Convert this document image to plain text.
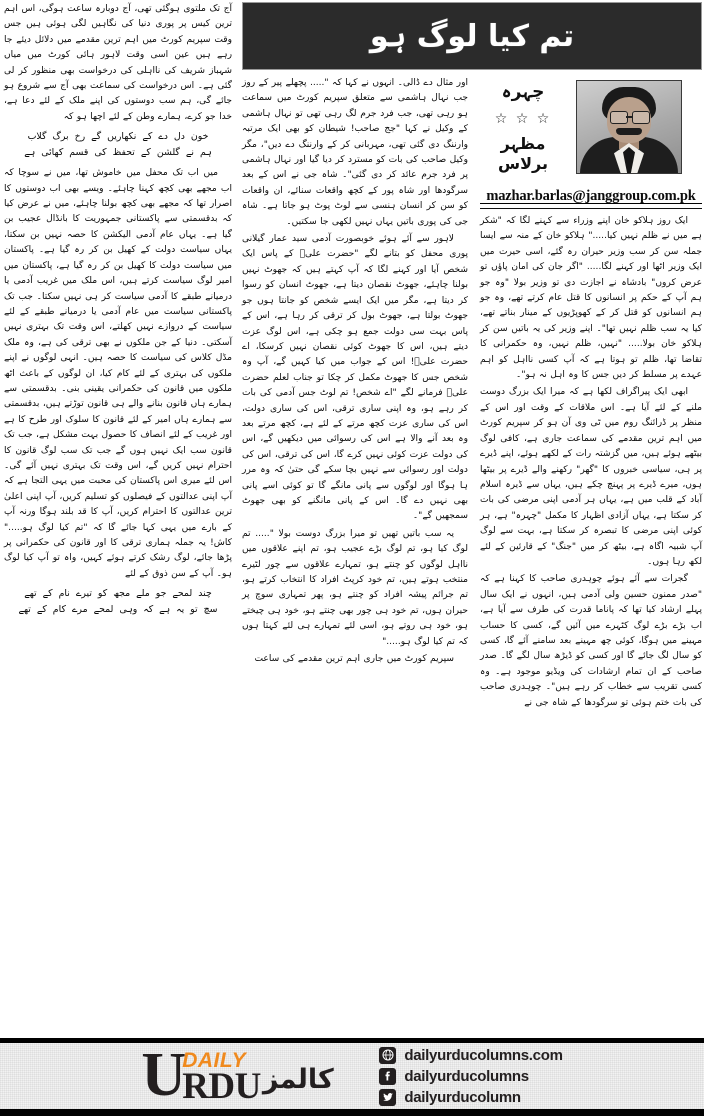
تم کیا لوگ ہو
چہرہ
☆ ☆ ☆
مظہر برلاس
mazhar.barlas@janggroup.com.pk

ایک روز ہلاکو خان اپنے وزراء سے کہنے لگا کہ "شکر ہے میں نے ظلم نہیں کیا....." ہلاکو خان کے منہ سے ایسا جملہ سن کر سب وزیر حیران رہ گئے، اسی حیرت میں ایک وزیر اٹھا اور کہنے لگا..... "اگر جان کی امان پاؤں تو عرض کروں" بادشاہ نے اجازت دی تو وزیر بولا "وہ جو ہم آپ کے حکم پر انسانوں کا قتل عام کرتے تھے، وہ جو ہم انسانوں کو قتل کر کے کھوپڑیوں کے مینار بناتے تھے، کیا یہ سب ظلم نہیں تھا"۔ اپنے وزیر کی یہ باتیں سن کر ہلاکو خان بولا..... "نہیں، ظلم نہیں، وہ حکمرانی کا تقاضا تھا، ظلم تو ہوتا ہے کہ آپ کسی نااہل کو اہم عہدے پر مسلط کر دیں جس کا وہ اہل نہ ہو"۔

ابھی ایک پیراگراف لکھا ہے کہ میرا ایک بزرگ دوست ملنے کے لئے آیا ہے۔ اس ملاقات کے وقت اور اس کے منظر پر ڈرائنگ روم میں ٹی وی آن ہو کر سپریم کورٹ میں اہم ترین مقدمے کی سماعت جاری ہے، کافی لوگ بیٹھے ہوئے ہیں، میں گزشتہ رات کے لکھے ہوئے، اپنے ڈیرے پر ہی، سیاسی خبروں کا "گھر" رکھنے والے ڈیرے پر بیٹھا ہوں، میرے ڈیرے پر پہنچ چکے ہیں، یہاں سے ڈیرہ اسلام آباد کے قلب میں ہے، یہاں ہر آدمی اپنی مرضی کی بات کر سکتا ہے، یہاں آزادی اظہار کا مکمل "چہرہ" ہے، ہر کوئی اپنی مرضی کا تبصرہ کر سکتا ہے، بہت سے لوگ آپ شبیہ اگاہ ہے، بیٹھ کر میں "جنگ" کے قارئین کے لئے لکھ رہا ہوں۔

گجرات سے آئے ہوئے چوہدری صاحب کا کہنا ہے کہ "صدر ممنون حسین ولی آدمی ہیں، انہوں نے ایک سال پہلے ارشاد کیا تھا کہ پاناما قدرت کی طرف سے آیا ہے، اب بڑے بڑے لوگ کٹہرے میں آئیں گے، کسی کا حساب مہینے میں ہوگا، کوئی چھ مہینے بعد سامنے آئے گا، کسی کو سال لگ جائے گا اور کسی کو ڈیڑھ سال لگے گا۔ صدر صاحب کے ان تمام ارشادات کی ویڈیو موجود ہے۔ وہ کسی تقریب سے خطاب کر رہے ہیں"۔ چوہدری صاحب کی بات ختم ہوئی تو سرگودھا کے شاہ جی نے

اور مثال دے ڈالی۔ انہوں نے کہا کہ "..... پچھلے پیر کے روز جب نہال ہاشمی سے متعلق سپریم کورٹ میں سماعت ہو رہی تھی، جب فرد جرم لگ رہی تھی تو نہال ہاشمی کے وکیل نے کہا "جج صاحب! شیطان کو بھی ایک مرتبہ وارننگ دی گئی تھی، مہربانی کر کے وارننگ دے دیں"، مگر وکیل صاحب کی بات کو مسترد کر دیا گیا اور نہال ہاشمی پر فرد جرم عائد کر دی گئی"۔ شاہ جی نے اس کے بعد سرگودھا اور شاہ پور کے کچھ واقعات سنائے، ان واقعات کو سن کر انسان ہنسی سے لوٹ پوٹ ہو جاتا ہے۔ شاہ جی کی پوری باتیں یہاں نہیں لکھی جا سکتیں۔

لاہور سے آئے ہوئے خوبصورت آدمی سید عمار گیلانی پوری محفل کو بتانے لگے "حضرت علیؓ کے پاس ایک شخص آیا اور کہنے لگا کہ آپ کہتے ہیں کہ جھوٹ نہیں بولنا چاہئے، جھوٹ نقصان دیتا ہے، جھوٹ انسان کو رسوا کر دیتا ہے، مگر میں ایک ایسے شخص کو جانتا ہوں جو جھوٹ بولتا ہے، جھوٹ بول کر ترقی کر رہا ہے، اس کے پاس بہت سی دولت جمع ہو چکی ہے، اس لوگ عزت دیتے ہیں، اس کا جھوٹ کوئی نقصان نہیں کرسکا، اے حضرت علیؓ! اس کے جواب میں کیا کہیں گے، آپ وہ شخص جس کا جھوٹ مکمل کر چکا تو جناب لعلم حضرت علیؓ فرمانے لگے "اے شخص! تم لوٹ جس آدمی کی بات کر رہے ہو، وہ اپنی ساری ترقی، اس کی ساری دولت، اس کی ساری عزت کچھ مرتے کے لئے ہے، کچھ مرتے بعد وہ بعد آنے والا ہے اس کی رسوائی میں دیکھیں گے، اس کی دولت عزت کوئی نہیں کرے گا، اس کی ترقی، اس کی دولت اور رسوائی سے نہیں بچا سکے گی حتیٰ کہ وہ مرر ہا ہوگا اور لوگوں سے پانی مانگے گا تو کوئی اسے پانی بھی نہیں دے گا۔ اس کے پانی مانگنے کو بھی جھوٹ سمجھیں گے"۔

یہ سب باتیں تھیں تو میرا بزرگ دوست بولا "..... تم لوگ کیا ہو، تم لوگ بڑے عجیب ہو، تم اپنے علاقوں میں نااہل لوگوں کو چنتے ہو، تمہارے علاقوں سے چور لٹیرے منتخب ہوتے ہیں، تم خود کرپٹ افراد کا انتخاب کرتے ہو، تم جرائم پیشہ افراد کو چنتے ہو، پھر تمہاری سوچ پر حیران ہوں، تم خود ہی چور بھی چنتے ہو، خود ہی چیختے ہو، خود ہی روتے ہو، اسی لئے تمہارے ہی لئے کہتا ہوں کہ تم کیا لوگ ہو....."

سپریم کورٹ میں جاری اہم ترین مقدمے کی ساعت

آج تک ملتوی ہوگئی تھی، آج دوبارہ ساعت ہوگی، اس اہم ترین کیس پر پوری دنیا کی نگاہیں لگی ہوئی ہیں جس وقت سپریم کورٹ میں اہم ترین مقدمے میں دلائل دیئے جا رہے ہیں عین اسی وقت لاہور ہائی کورٹ میں میاں شہباز شریف کی نااہلی کی درخواست بھی منظور کر لی گئی ہے۔ اس درخواست کی سماعت بھی آج سے شروع ہو جائے گی، ہم سب دوستوں کی اپنے ملک کے لئے دعا ہے، خدا جو کرے، ہمارے وطن کے لئے اچھا ہو کہ

خون دل دے کے نکھاریں گے رخ برگ گلاب
ہم نے گلشن کے تحفظ کی قسم کھائی ہے

میں اب تک محفل میں خاموش تھا، میں نے سوچا کہ اب مجھے بھی کچھ کہنا چاہئے۔ ویسے بھی اب دوستوں کا اصرار تھا کہ مجھے بھی کچھ بولنا چاہئے، میں نے عرض کیا کہ بدقسمتی سے پاکستانی جمہوریت کا بانڈال عجیب بن گیا ہے۔ یہاں عام آدمی الیکشن کا حصہ نہیں بن سکتا، یہاں سیاست دولت کے کھیل بن کر رہ گیا ہے۔ پاکستان میں سیاست دولت کا کھیل بن کر رہ گیا ہے، پاکستان میں امیر لوگ سیاست کرتے ہیں، اس ملک میں غریب آدمی یا درمیانے طبقے کا آدمی سیاست کر ہی نہیں سکتا۔ جب تک پاکستانی سیاست میں عام آدمی یا درمیانے طبقے کے لئے سیاست کے دروازے نہیں کھلتے، اس وقت تک بہتری نہیں آسکتی۔ دنیا کے جن ملکوں نے بھی ترقی کی ہے، وہ ملک مڈل کلاس کی سیاست کا حصہ ہیں۔ انہی لوگوں نے اپنے ملکوں کی بہتری کے لئے کام کیا، ان لوگوں کے باعث اٹھ ملکوں میں قانون کی حکمرانی یقینی بنی۔ بدقسمتی سے ہمارے ہاں قانون بنانے والے ہی قانون توڑتے ہیں، بدقسمتی سے ہمارے ہاں امیر کے لئے قانون کا سلوک اور طرح کا ہے اور غریب کے لئے انصاف کا حصول بہت مشکل ہے، جب تک قانون سب ایک نہیں ہوں گے جب تک سب لوگ قانون کا احترام نہیں کریں گے، اس وقت تک بہتری نہیں آئے گی۔ اس لئے میری اس پاکستان کی محبت میں یہی التجا ہے کہ آپ اپنی عدالتوں کے فیصلوں کو تسلیم کریں، آپ اپنی اعلیٰ ترین عدالتوں کا احترام کریں، آپ کا قد بلند ہوگا ورنہ آپ کے بارے میں یہی کہا جائے گا کہ "تم کیا لوگ ہو....." کاش! یہ جملہ ہماری ترقی کا اور قانون کی حکمرانی پر پڑھا جائے، لوگ رشک کرتے ہوئے کہیں، واہ تو آپ کیا لوگ ہو۔ آپ کے سن ذوق کے لئے

چند لمحے جو ملے مجھ کو تیرے نام کے تھے
سچ تو یہ ہے کہ وہی لمحے مرے کام کے تھے
U
DAILY
RDU کالمز
dailyurducolumns.com
dailyurducolumns
dailyurducolumn
